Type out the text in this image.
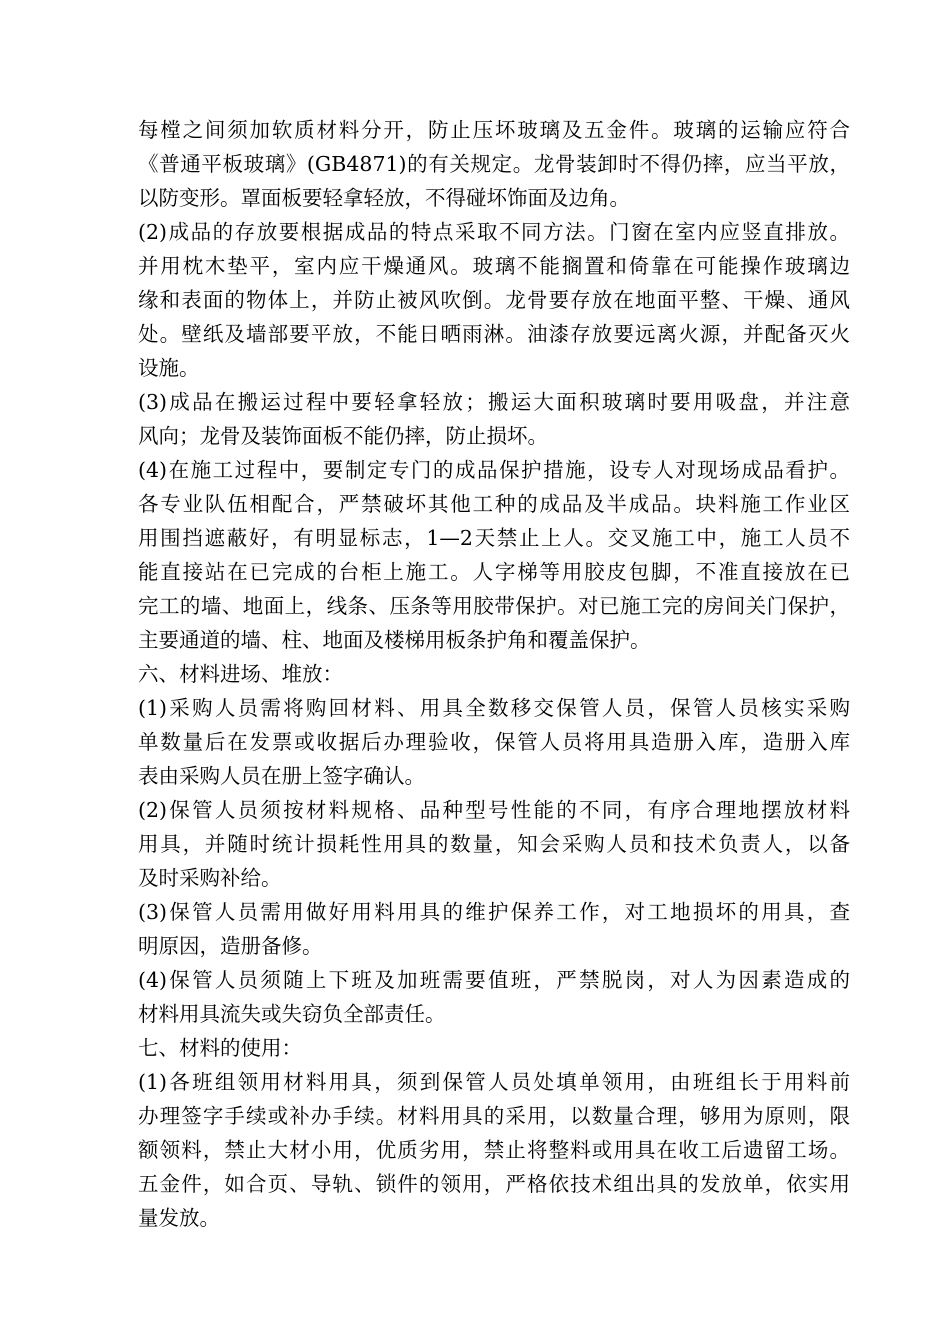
每樘之间须加软质材料分开，防止压坏玻璃及五金件。玻璃的运输应符合
《普通平板玻璃》(GB4871)的有关规定。龙骨装卸时不得仍摔，应当平放，
以防变形。罩面板要轻拿轻放，不得碰坏饰面及边角。
(2)成品的存放要根据成品的特点采取不同方法。门窗在室内应竖直排放。
并用枕木垫平，室内应干燥通风。玻璃不能搁置和倚靠在可能操作玻璃边
缘和表面的物体上，并防止被风吹倒。龙骨要存放在地面平整、干燥、通风
处。壁纸及墙部要平放，不能日晒雨淋。油漆存放要远离火源，并配备灭火
设施。
(3)成品在搬运过程中要轻拿轻放；搬运大面积玻璃时要用吸盘，并注意
风向；龙骨及装饰面板不能仍摔，防止损坏。
(4)在施工过程中，要制定专门的成品保护措施，设专人对现场成品看护。
各专业队伍相配合，严禁破坏其他工种的成品及半成品。块料施工作业区
用围挡遮蔽好，有明显标志，1—2天禁止上人。交叉施工中，施工人员不
能直接站在已完成的台柜上施工。人字梯等用胶皮包脚，不准直接放在已
完工的墙、地面上，线条、压条等用胶带保护。对已施工完的房间关门保护，
主要通道的墙、柱、地面及楼梯用板条护角和覆盖保护。
六、材料进场、堆放：
(1)采购人员需将购回材料、用具全数移交保管人员，保管人员核实采购
单数量后在发票或收据后办理验收，保管人员将用具造册入库，造册入库
表由采购人员在册上签字确认。
(2)保管人员须按材料规格、品种型号性能的不同，有序合理地摆放材料
用具，并随时统计损耗性用具的数量，知会采购人员和技术负责人，以备
及时采购补给。
(3)保管人员需用做好用料用具的维护保养工作，对工地损坏的用具，查
明原因，造册备修。
(4)保管人员须随上下班及加班需要值班，严禁脱岗，对人为因素造成的
材料用具流失或失窃负全部责任。
七、材料的使用：
(1)各班组领用材料用具，须到保管人员处填单领用，由班组长于用料前
办理签字手续或补办手续。材料用具的采用，以数量合理，够用为原则，限
额领料，禁止大材小用，优质劣用，禁止将整料或用具在收工后遗留工场。
五金件，如合页、导轨、锁件的领用，严格依技术组出具的发放单，依实用
量发放。
